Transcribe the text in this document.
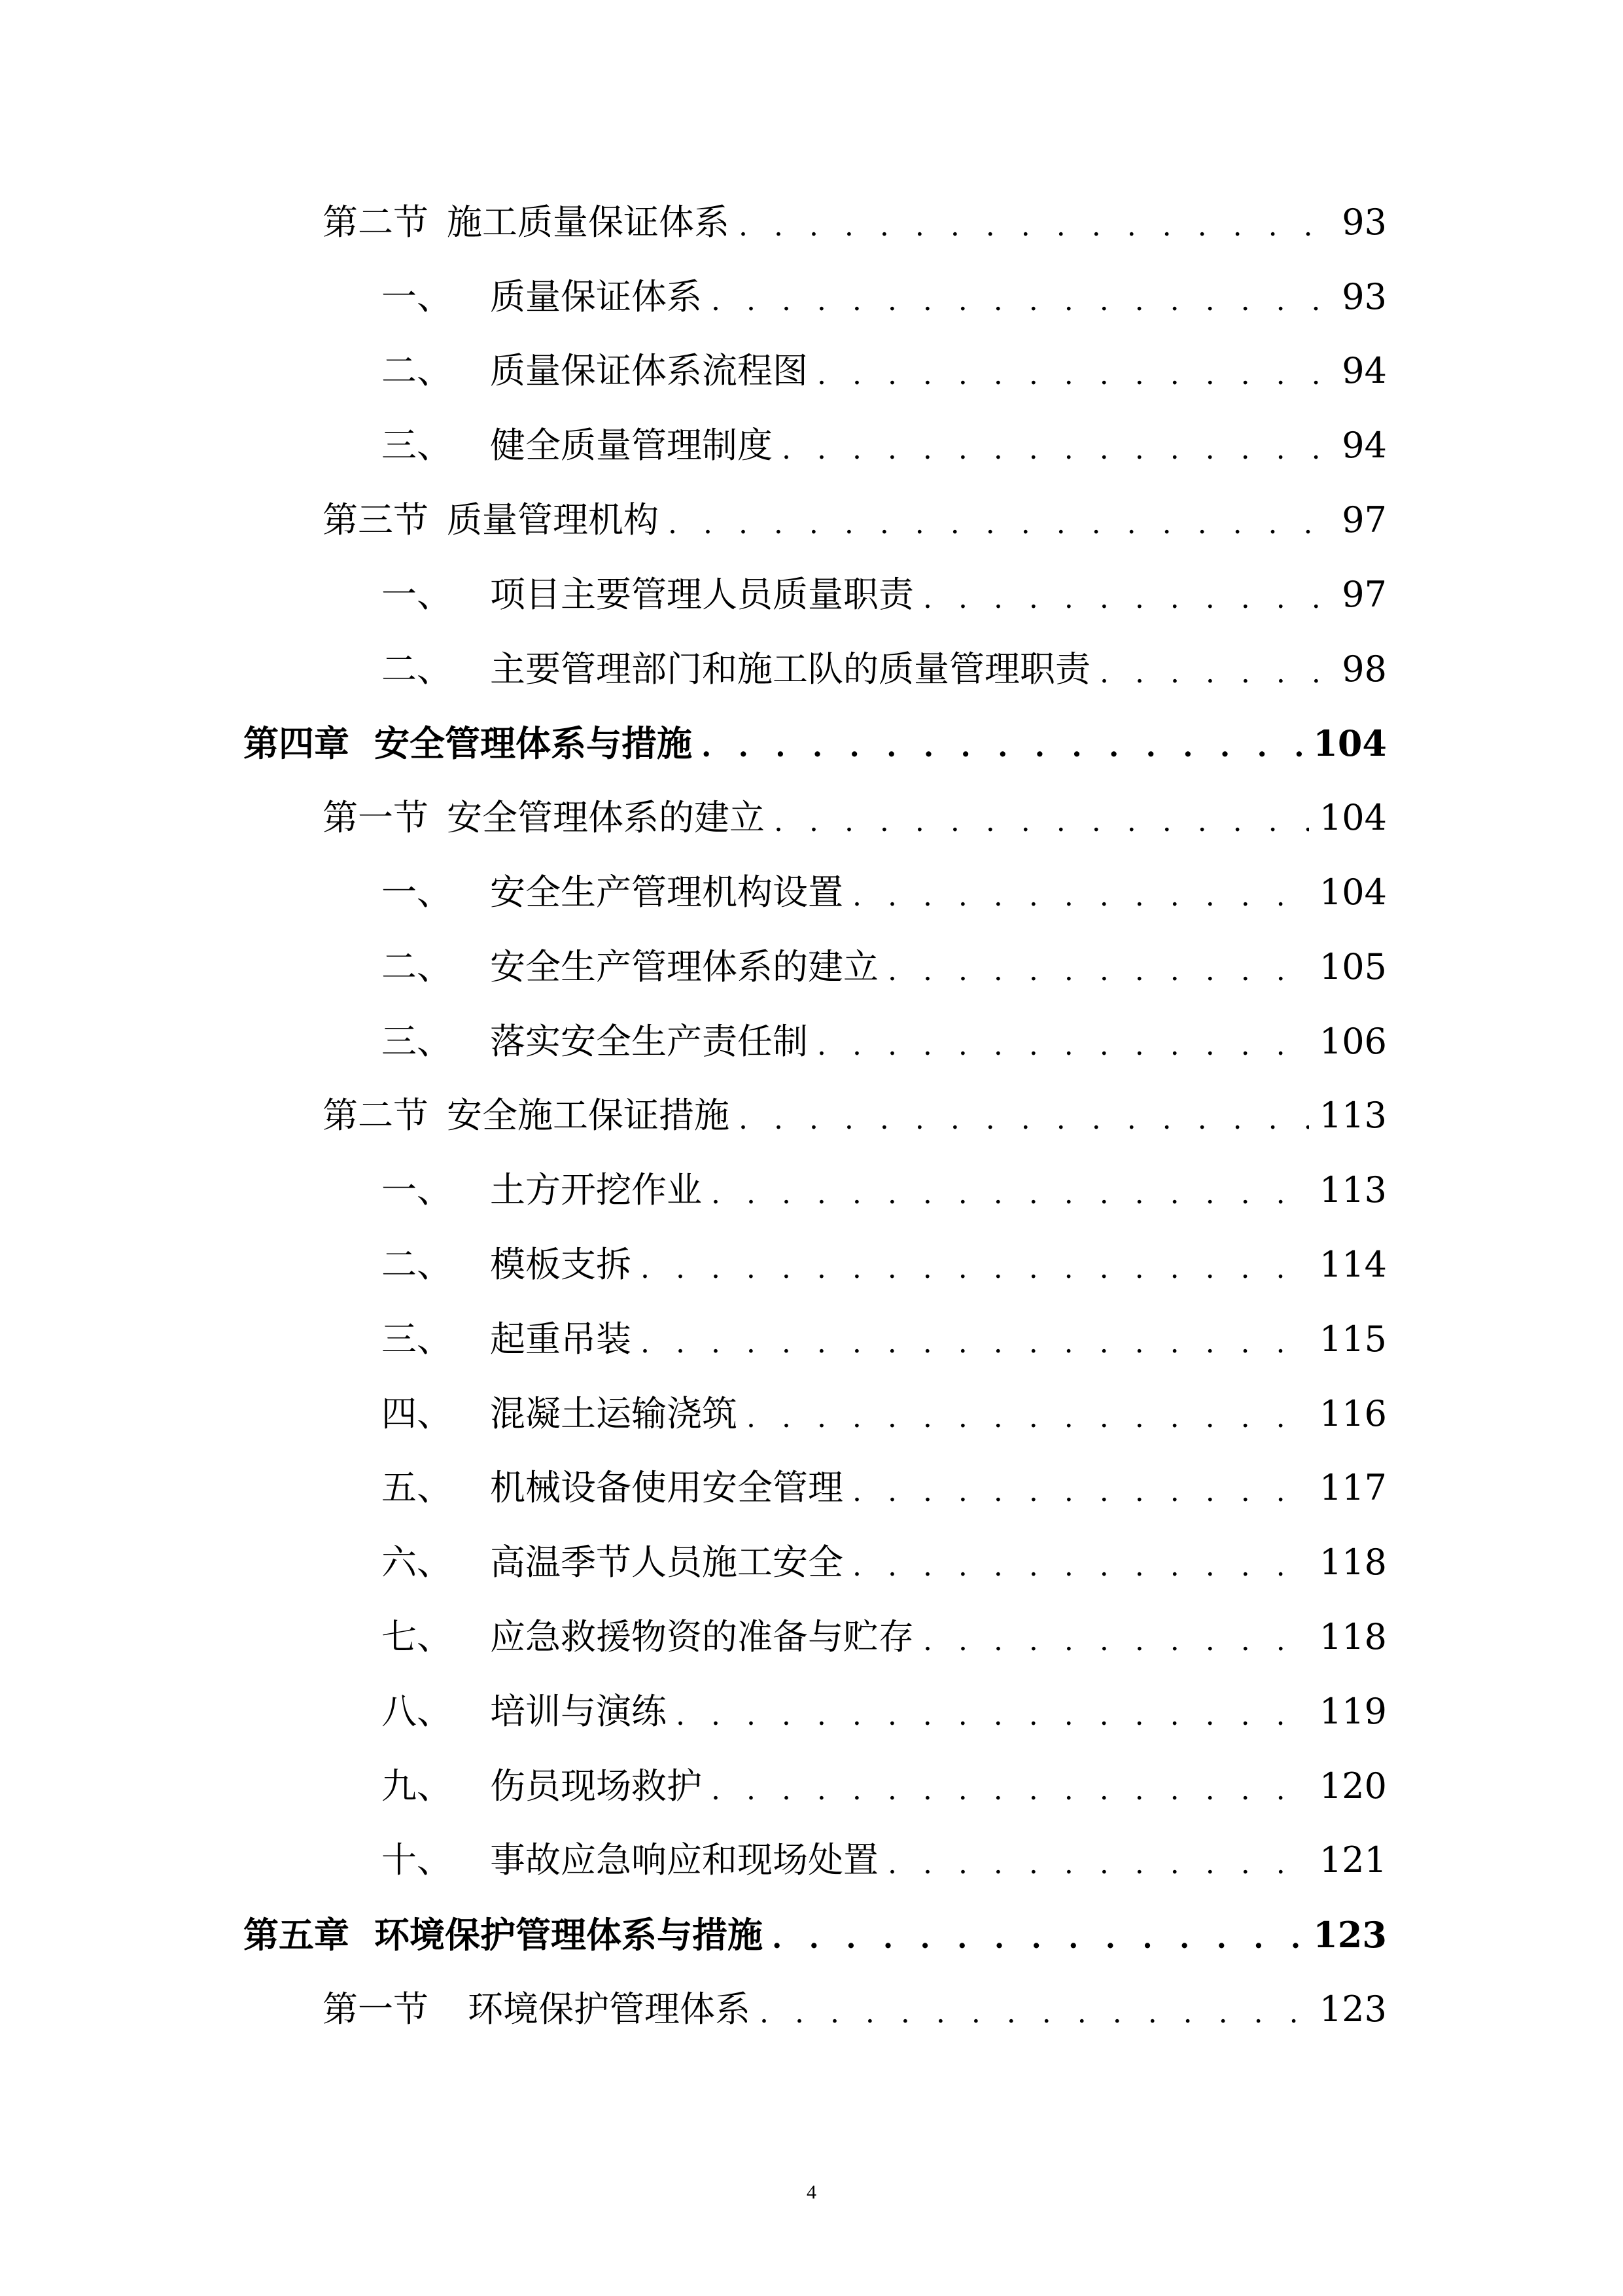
第二节 施工质量保证体系 . . .	93
一、 质量保证体系 . . .	93
二、 质量保证体系流程图 . . .	94
三、 健全质量管理制度 . . .	94
第三节 质量管理机构 . . .	97
一、 项目主要管理人员质量职责 . . .	97
二、 主要管理部门和施工队的质量管理职责 . . .	98
第四章 安全管理体系与措施 . . .	104
第一节 安全管理体系的建立 . . .	104
一、 安全生产管理机构设置 . . .	104
二、 安全生产管理体系的建立 . . .	105
三、 落实安全生产责任制 . . .	106
第二节 安全施工保证措施 . . .	113
一、 土方开挖作业 . . .	113
二、 模板支拆 . . .	114
三、 起重吊装 . . .	115
四、 混凝土运输浇筑 . . .	116
五、 机械设备使用安全管理 . . .	117
六、 高温季节人员施工安全 . . .	118
七、 应急救援物资的准备与贮存 . . .	118
八、 培训与演练 . . .	119
九、 伤员现场救护 . . .	120
十、 事故应急响应和现场处置 . . .	121
第五章 环境保护管理体系与措施 . . .	123
第一节 环境保护管理体系 . . .	123
4
